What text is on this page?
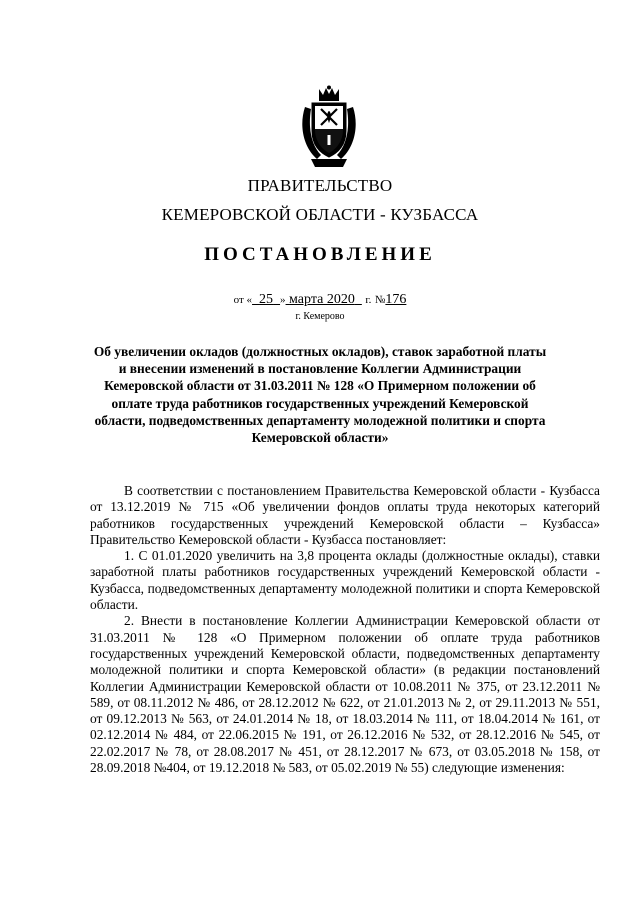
ПРАВИТЕЛЬСТВО
КЕМЕРОВСКОЙ ОБЛАСТИ - КУЗБАССА
ПОСТАНОВЛЕНИЕ
от « 25 » марта 2020 г. №176
г. Кемерово
Об увеличении окладов (должностных окладов), ставок заработной платы и внесении изменений в постановление Коллегии Администрации Кемеровской области от 31.03.2011 № 128 «О Примерном положении об оплате труда работников государственных учреждений Кемеровской области, подведомственных департаменту молодежной политики и спорта Кемеровской области»

В соответствии с постановлением Правительства Кемеровской области - Кузбасса от 13.12.2019 № 715 «Об увеличении фондов оплаты труда некоторых категорий работников государственных учреждений Кемеровской области – Кузбасса» Правительство Кемеровской области - Кузбасса постановляет:

1. С 01.01.2020 увеличить на 3,8 процента оклады (должностные оклады), ставки заработной платы работников государственных учреждений Кемеровской области - Кузбасса, подведомственных департаменту молодежной политики и спорта Кемеровской области.

2. Внести в постановление Коллегии Администрации Кемеровской области от 31.03.2011 № 128 «О Примерном положении об оплате труда работников государственных учреждений Кемеровской области, подведомственных департаменту молодежной политики и спорта Кемеровской области» (в редакции постановлений Коллегии Администрации Кемеровской области от 10.08.2011 № 375, от 23.12.2011 № 589, от 08.11.2012 № 486, от 28.12.2012 № 622, от 21.01.2013 № 2, от 29.11.2013 № 551, от 09.12.2013 № 563, от 24.01.2014 № 18, от 18.03.2014 № 111, от 18.04.2014 № 161, от 02.12.2014 № 484, от 22.06.2015 № 191, от 26.12.2016 № 532, от 28.12.2016 № 545, от 22.02.2017 № 78, от 28.08.2017 № 451, от 28.12.2017 № 673, от 03.05.2018 № 158, от 28.09.2018 №404, от 19.12.2018 № 583, от 05.02.2019 № 55) следующие изменения:
